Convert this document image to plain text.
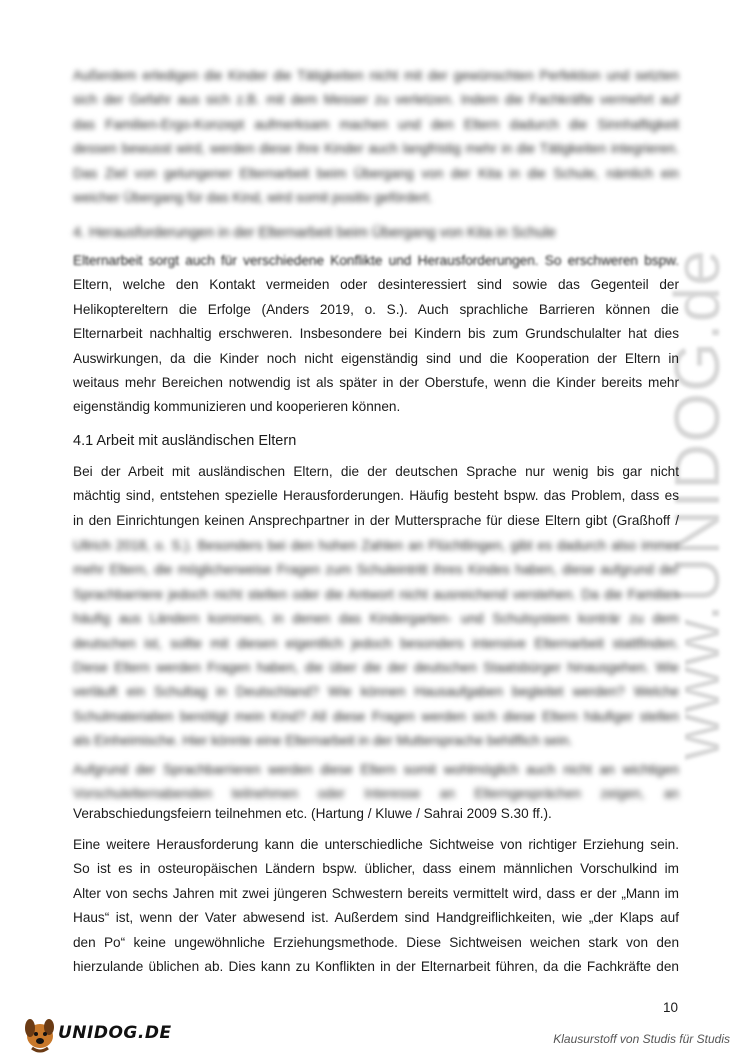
www.UNIDOG.de
Außerdem erledigen die Kinder die Tätigkeiten nicht mit der gewünschten Perfektion und setzten
sich der Gefahr aus sich z.B. mit dem Messer zu verletzen. Indem die Fachkräfte vermehrt auf
das Familien-Ergo-Konzept aufmerksam machen und den Eltern dadurch die Sinnhaftigkeit
dessen bewusst wird, werden diese ihre Kinder auch langfristig mehr in die Tätigkeiten integrieren.
Das Ziel von gelungener Elternarbeit beim Übergang von der Kita in die Schule, nämlich ein
weicher Übergang für das Kind, wird somit positiv gefördert.
4. Herausforderungen in der Elternarbeit beim Übergang von Kita in Schule
Elternarbeit sorgt auch für verschiedene Konflikte und Herausforderungen. So erschweren bspw.
Eltern, welche den Kontakt vermeiden oder desinteressiert sind sowie das Gegenteil der
Helikoptereltern die Erfolge (Anders 2019, o. S.). Auch sprachliche Barrieren können die
Elternarbeit nachhaltig erschweren. Insbesondere bei Kindern bis zum Grundschulalter hat dies
Auswirkungen, da die Kinder noch nicht eigenständig sind und die Kooperation der Eltern in
weitaus mehr Bereichen notwendig ist als später in der Oberstufe, wenn die Kinder bereits mehr
eigenständig kommunizieren und kooperieren können.
4.1 Arbeit mit ausländischen Eltern
Bei der Arbeit mit ausländischen Eltern, die der deutschen Sprache nur wenig bis gar nicht
mächtig sind, entstehen spezielle Herausforderungen. Häufig besteht bspw. das Problem, dass es
in den Einrichtungen keinen Ansprechpartner in der Muttersprache für diese Eltern gibt (Graßhoff /
Ullrich 2018, o. S.). Besonders bei den hohen Zahlen an Flüchtlingen, gibt es dadurch also immer
mehr Eltern, die möglicherweise Fragen zum Schuleintritt ihres Kindes haben, diese aufgrund der
Sprachbarriere jedoch nicht stellen oder die Antwort nicht ausreichend verstehen. Da die Familien
häufig aus Ländern kommen, in denen das Kindergarten- und Schulsystem konträr zu dem
deutschen ist, sollte mit diesen eigentlich jedoch besonders intensive Elternarbeit stattfinden.
Diese Eltern werden Fragen haben, die über die der deutschen Staatsbürger hinausgehen. Wie
verläuft ein Schultag in Deutschland? Wie können Hausaufgaben begleitet werden? Welche
Schulmaterialien benötigt mein Kind? All diese Fragen werden sich diese Eltern häufiger stellen
als Einheimische. Hier könnte eine Elternarbeit in der Muttersprache behilflich sein.
Aufgrund der Sprachbarrieren werden diese Eltern somit wohlmöglich auch nicht an wichtigen
Vorschulelternabenden teilnehmen oder Interesse an Elterngesprächen zeigen, an
Verabschiedungsfeiern teilnehmen etc. (Hartung / Kluwe / Sahrai 2009 S.30 ff.).
Eine weitere Herausforderung kann die unterschiedliche Sichtweise von richtiger Erziehung sein.
So ist es in osteuropäischen Ländern bspw. üblicher, dass einem männlichen Vorschulkind im
Alter von sechs Jahren mit zwei jüngeren Schwestern bereits vermittelt wird, dass er der „Mann im
Haus“ ist, wenn der Vater abwesend ist. Außerdem sind Handgreiflichkeiten, wie „der Klaps auf
den Po“ keine ungewöhnliche Erziehungsmethode. Diese Sichtweisen weichen stark von den
hierzulande üblichen ab. Dies kann zu Konflikten in der Elternarbeit führen, da die Fachkräfte den
10
UNIDOG.DE	Klausurstoff von Studis für Studis
